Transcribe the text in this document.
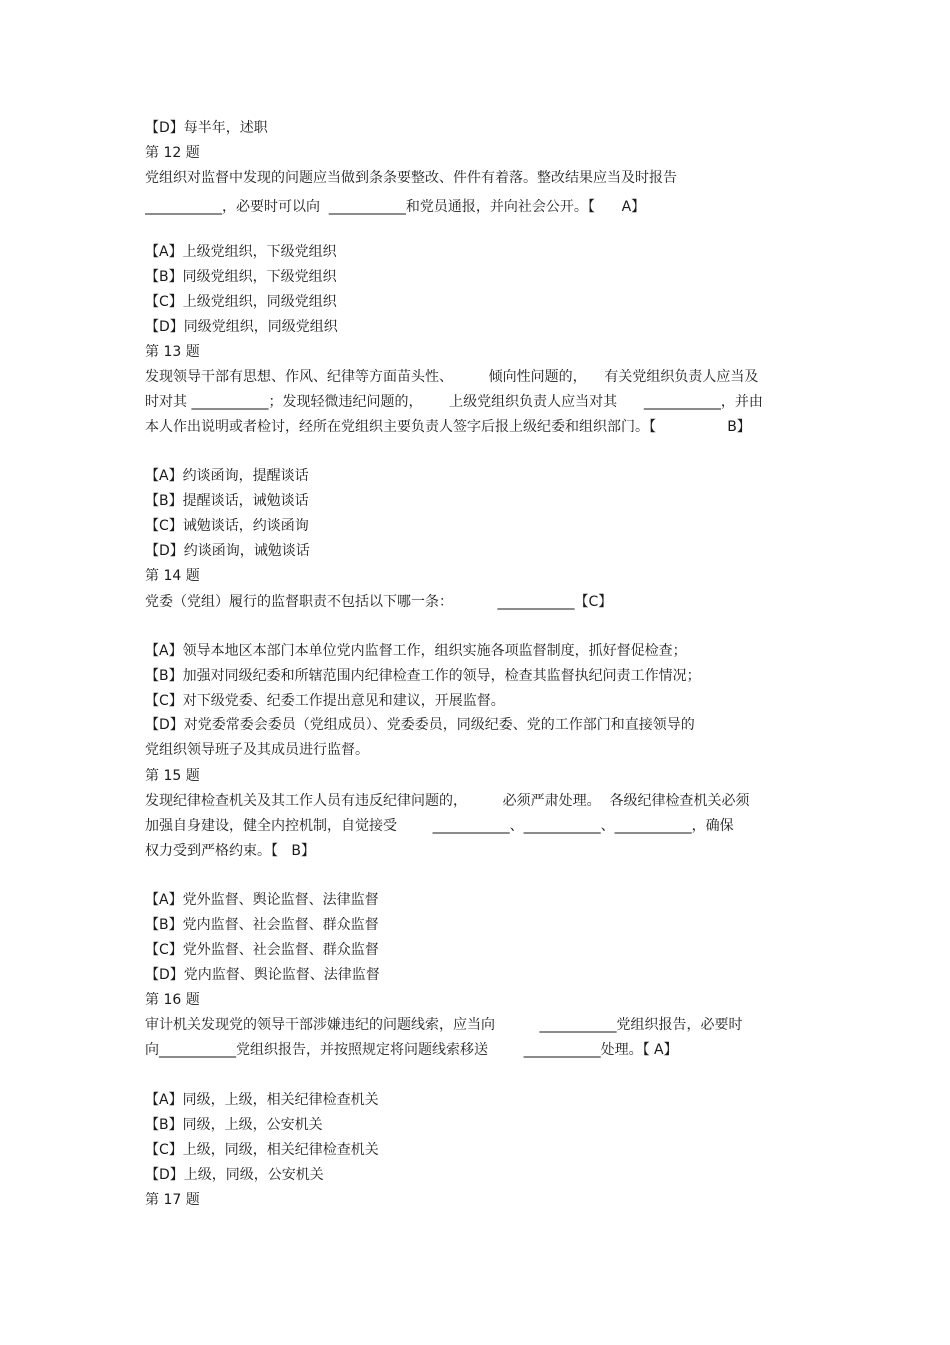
【D】每半年，述职
第 12 题
党组织对监督中发现的问题应当做到条条要整改、件件有着落。整改结果应当及时报告
___________，必要时可以向  ___________和党员通报，并向社会公开。【      A】
【A】上级党组织，下级党组织
【B】同级党组织，下级党组织
【C】上级党组织，同级党组织
【D】同级党组织，同级党组织
第 13 题
发现领导干部有思想、作风、纪律等方面苗头性、        倾向性问题的，    有关党组织负责人应当及
时对其 ___________；发现轻微违纪问题的，      上级党组织负责人应当对其      ___________，并由
本人作出说明或者检讨，经所在党组织主要负责人签字后报上级纪委和组织部门。【                B】
【A】约谈函询，提醒谈话
【B】提醒谈话，诫勉谈话
【C】诫勉谈话，约谈函询
【D】约谈函询，诫勉谈话
第 14 题
党委（党组）履行的监督职责不包括以下哪一条：          ___________【C】
【A】领导本地区本部门本单位党内监督工作，组织实施各项监督制度，抓好督促检查；
【B】加强对同级纪委和所辖范围内纪律检查工作的领导，检查其监督执纪问责工作情况；
【C】对下级党委、纪委工作提出意见和建议，开展监督。
【D】对党委常委会委员（党组成员）、党委委员，同级纪委、党的工作部门和直接领导的
党组织领导班子及其成员进行监督。
第 15 题
发现纪律检查机关及其工作人员有违反纪律问题的，        必须严肃处理。  各级纪律检查机关必须
加强自身建设，健全内控机制，自觉接受        ___________、___________、___________，确保
权力受到严格约束。【   B】
【A】党外监督、舆论监督、法律监督
【B】党内监督、社会监督、群众监督
【C】党外监督、社会监督、群众监督
【D】党内监督、舆论监督、法律监督
第 16 题
审计机关发现党的领导干部涉嫌违纪的问题线索，应当向          ___________党组织报告，必要时
向___________党组织报告，并按照规定将问题线索移送        ___________处理。【 A】
【A】同级，上级，相关纪律检查机关
【B】同级，上级，公安机关
【C】上级，同级，相关纪律检查机关
【D】上级，同级，公安机关
第 17 题
